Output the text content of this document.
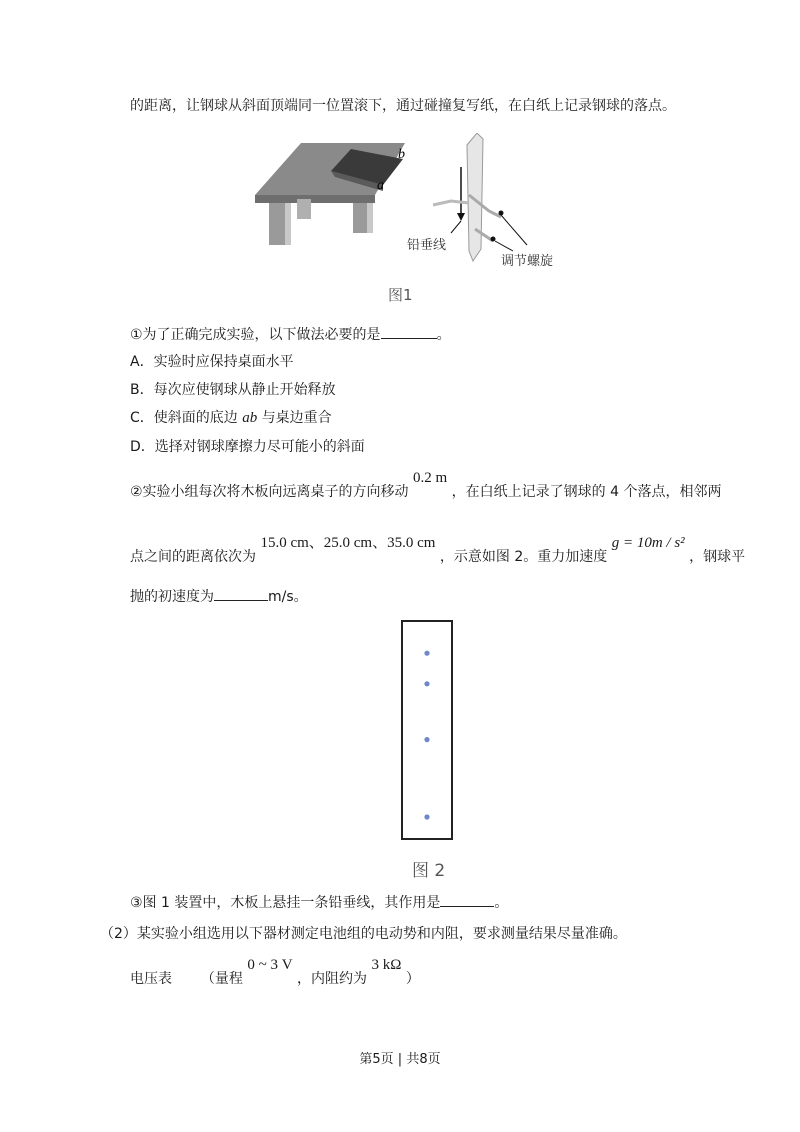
的距离，让钢球从斜面顶端同一位置滚下，通过碰撞复写纸，在白纸上记录钢球的落点。
b
a
铅垂线
调节螺旋
图1
①为了正确完成实验，以下做法必要的是	。
A．实验时应保持桌面水平
B．每次应使钢球从静止开始释放
C．使斜面的底边 ab 与桌边重合
D．选择对钢球摩擦力尽可能小的斜面
②实验小组每次将木板向远离桌子的方向移动 0.2 m ，在白纸上记录了钢球的 4 个落点，相邻两
点之间的距离依次为 15.0 cm、25.0 cm、35.0 cm ，示意如图 2。重力加速度 g = 10m / s² ，钢球平
抛的初速度为	m/s。
图 2
③图 1 装置中，木板上悬挂一条铅垂线，其作用是	。
（2）某实验小组选用以下器材测定电池组的电动势和内阻，要求测量结果尽量准确。
电压表 （量程 0 ~ 3 V ，内阻约为 3 kΩ ）
第5页 | 共8页
